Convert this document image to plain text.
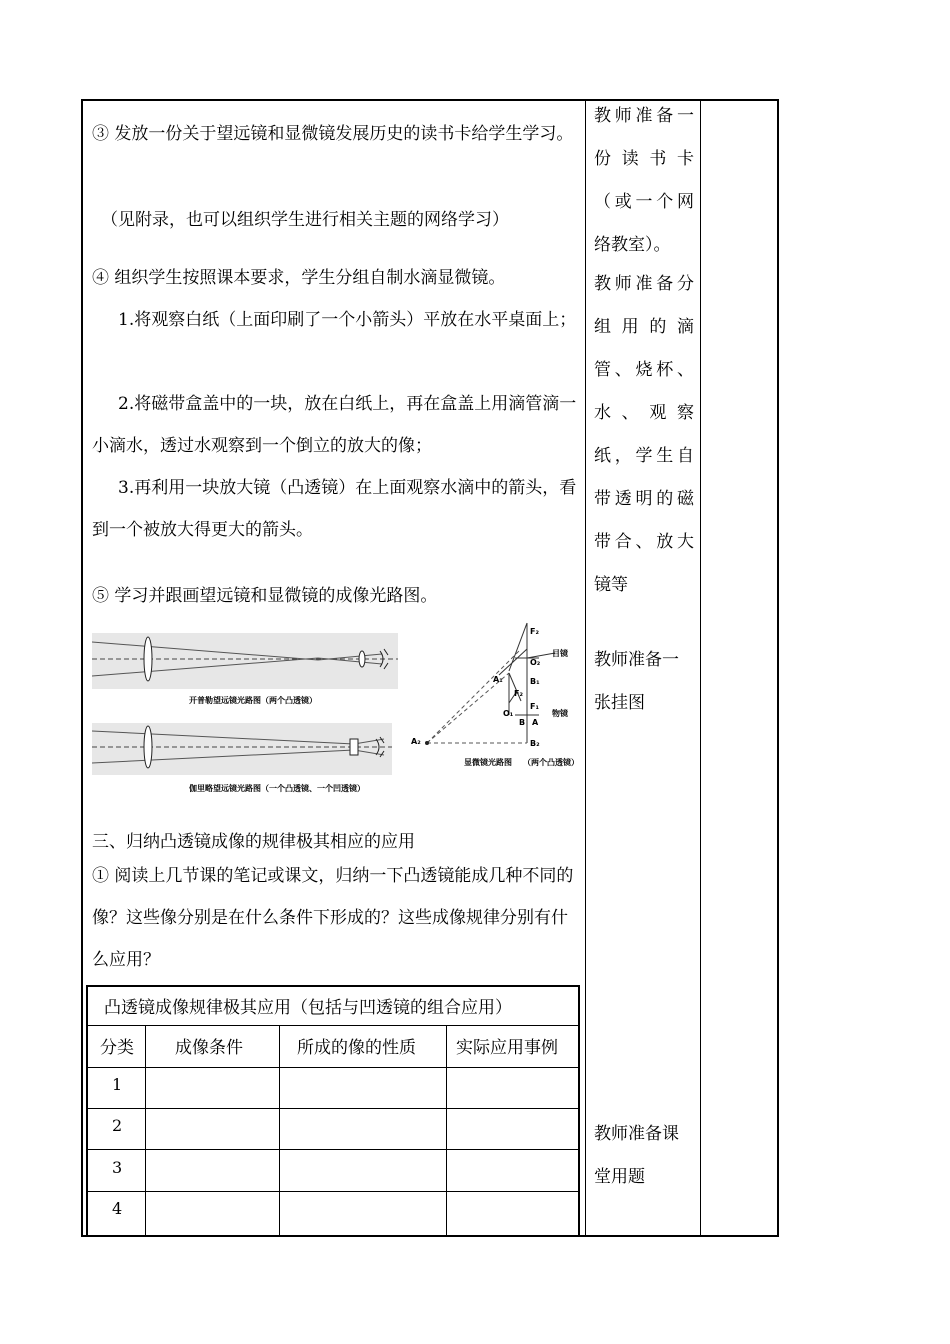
③ 发放一份关于望远镜和显微镜发展历史的读书卡给学生学习。
（见附录，也可以组织学生进行相关主题的网络学习）
④ 组织学生按照课本要求，学生分组自制水滴显微镜。
1.将观察白纸（上面印刷了一个小箭头）平放在水平桌面上；
2.将磁带盒盖中的一块，放在白纸上，再在盒盖上用滴管滴一小滴水，透过水观察到一个倒立的放大的像；
3.再利用一块放大镜（凸透镜）在上面观察水滴中的箭头，看到一个被放大得更大的箭头。
⑤ 学习并跟画望远镜和显微镜的成像光路图。
开普勒望远镜光路图（两个凸透镜）
伽里略望远镜光路图（一个凸透镜、一个凹透镜）
目镜
物镜
F₂
O₂
A₁	B₁
F₂
F₁
O₁
B A
A₂	B₂
显微镜光路图 （两个凸透镜）
三、归纳凸透镜成像的规律极其相应的应用
① 阅读上几节课的笔记或课文，归纳一下凸透镜能成几种不同的像？这些像分别是在什么条件下形成的？这些成像规律分别有什么应用？
凸透镜成像规律极其应用（包括与凹透镜的组合应用）
分类 成像条件	所成的像的性质 实际应用事例
1
2
3
4
教师准备一份读书卡（或一个网络教室）。
教师准备分组用的滴管、烧杯、水、观察纸，学生自带透明的磁带合、放大镜等
教师准备一张挂图
教师准备课堂用题
